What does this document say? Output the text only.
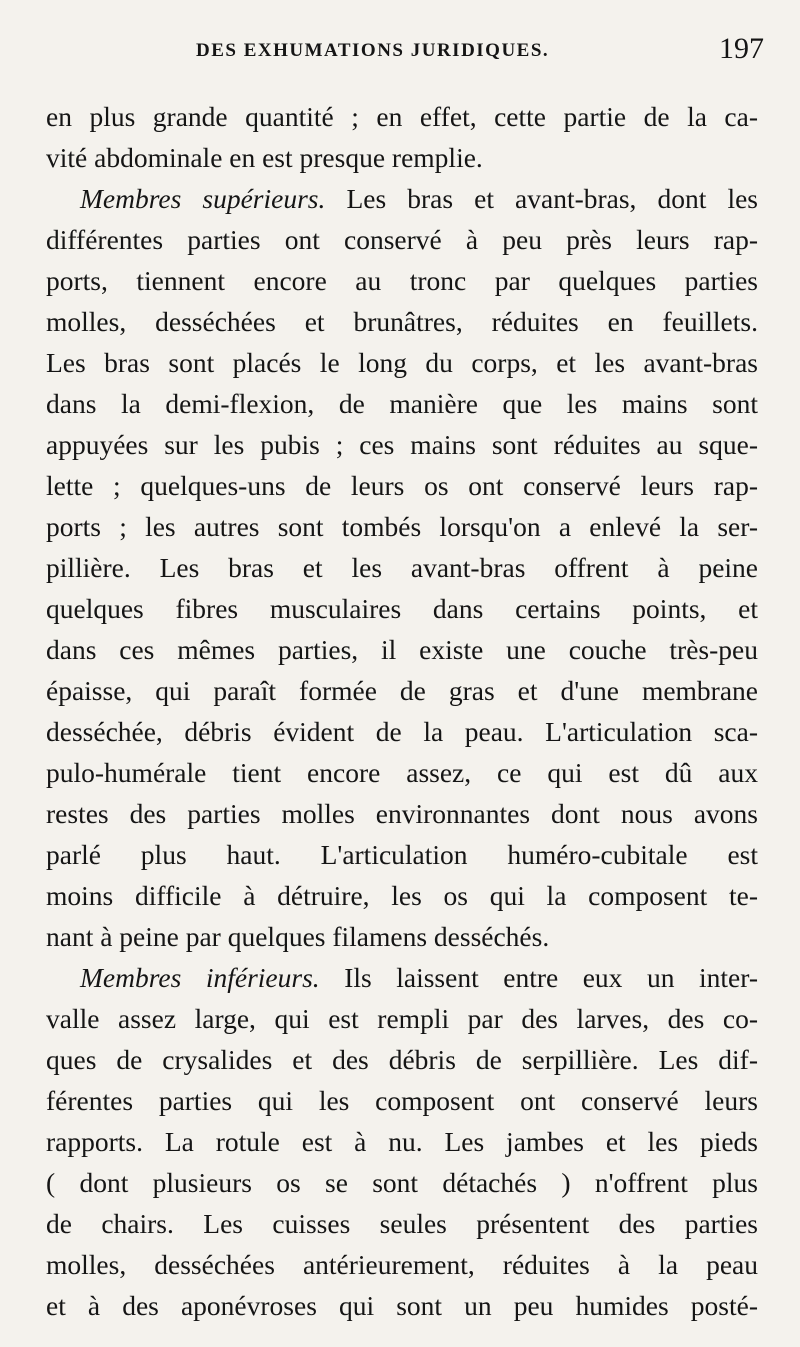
DES EXHUMATIONS JURIDIQUES.	197
en plus grande quantité ; en effet, cette partie de la ca-
vité abdominale en est presque remplie.
Membres supérieurs. Les bras et avant-bras, dont les
différentes parties ont conservé à peu près leurs rap-
ports, tiennent encore au tronc par quelques parties
molles, desséchées et brunâtres, réduites en feuillets.
Les bras sont placés le long du corps, et les avant-bras
dans la demi-flexion, de manière que les mains sont
appuyées sur les pubis ; ces mains sont réduites au sque-
lette ; quelques-uns de leurs os ont conservé leurs rap-
ports ; les autres sont tombés lorsqu'on a enlevé la ser-
pillière. Les bras et les avant-bras offrent à peine
quelques fibres musculaires dans certains points, et
dans ces mêmes parties, il existe une couche très-peu
épaisse, qui paraît formée de gras et d'une membrane
desséchée, débris évident de la peau. L'articulation sca-
pulo-humérale tient encore assez, ce qui est dû aux
restes des parties molles environnantes dont nous avons
parlé plus haut. L'articulation huméro-cubitale est
moins difficile à détruire, les os qui la composent te-
nant à peine par quelques filamens desséchés.
Membres inférieurs. Ils laissent entre eux un inter-
valle assez large, qui est rempli par des larves, des co-
ques de crysalides et des débris de serpillière. Les dif-
férentes parties qui les composent ont conservé leurs
rapports. La rotule est à nu. Les jambes et les pieds
( dont plusieurs os se sont détachés ) n'offrent plus
de chairs. Les cuisses seules présentent des parties
molles, desséchées antérieurement, réduites à la peau
et à des aponévroses qui sont un peu humides posté-
